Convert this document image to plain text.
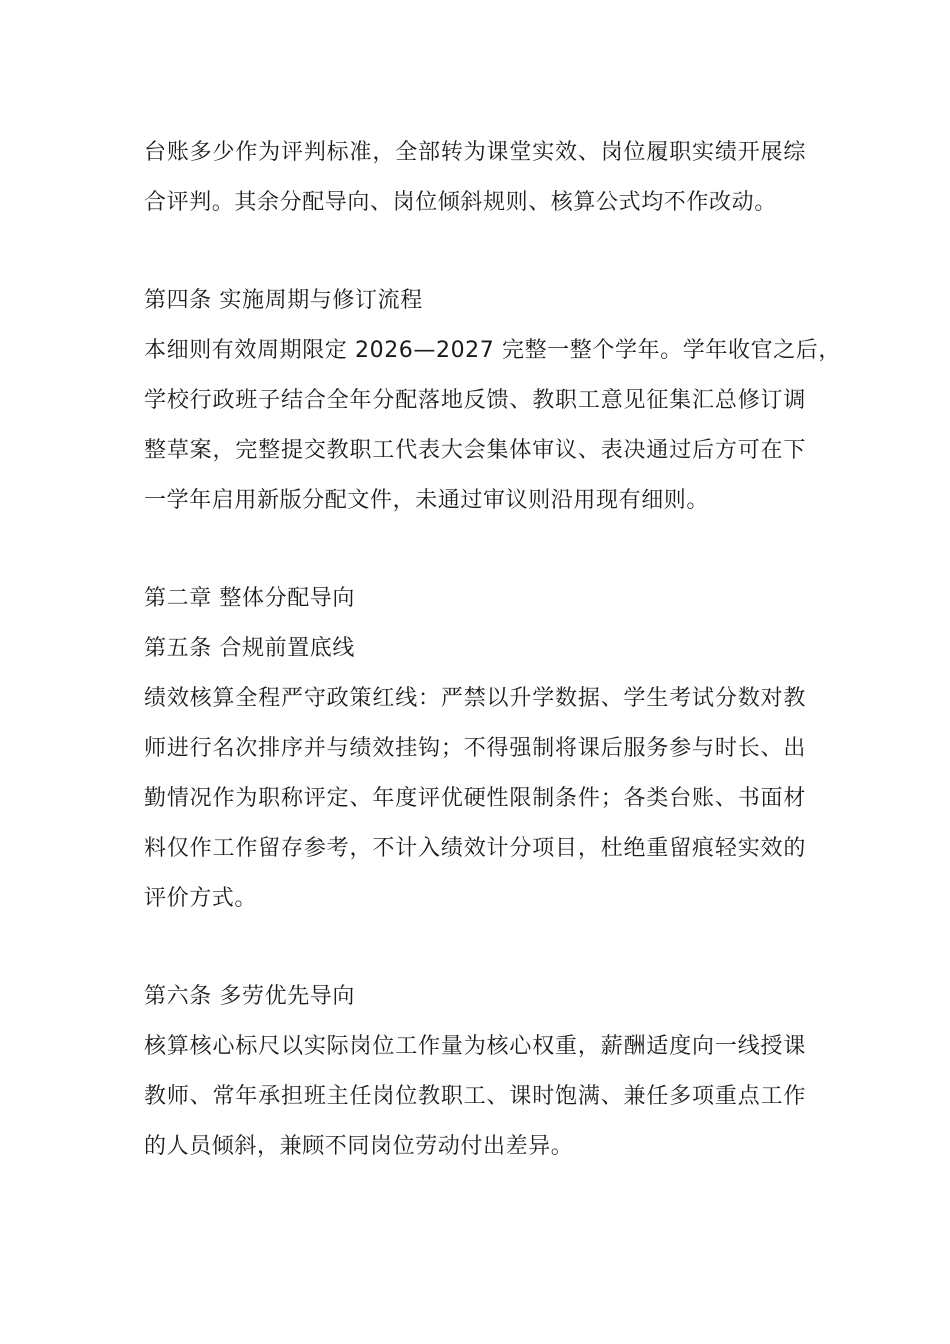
台账多少作为评判标准，全部转为课堂实效、岗位履职实绩开展综
合评判。其余分配导向、岗位倾斜规则、核算公式均不作改动。
第四条 实施周期与修订流程
本细则有效周期限定 2026—2027 完整一整个学年。学年收官之后，
学校行政班子结合全年分配落地反馈、教职工意见征集汇总修订调
整草案，完整提交教职工代表大会集体审议、表决通过后方可在下
一学年启用新版分配文件，未通过审议则沿用现有细则。
第二章 整体分配导向
第五条 合规前置底线
绩效核算全程严守政策红线：严禁以升学数据、学生考试分数对教
师进行名次排序并与绩效挂钩；不得强制将课后服务参与时长、出
勤情况作为职称评定、年度评优硬性限制条件；各类台账、书面材
料仅作工作留存参考，不计入绩效计分项目，杜绝重留痕轻实效的
评价方式。
第六条 多劳优先导向
核算核心标尺以实际岗位工作量为核心权重，薪酬适度向一线授课
教师、常年承担班主任岗位教职工、课时饱满、兼任多项重点工作
的人员倾斜，兼顾不同岗位劳动付出差异。
